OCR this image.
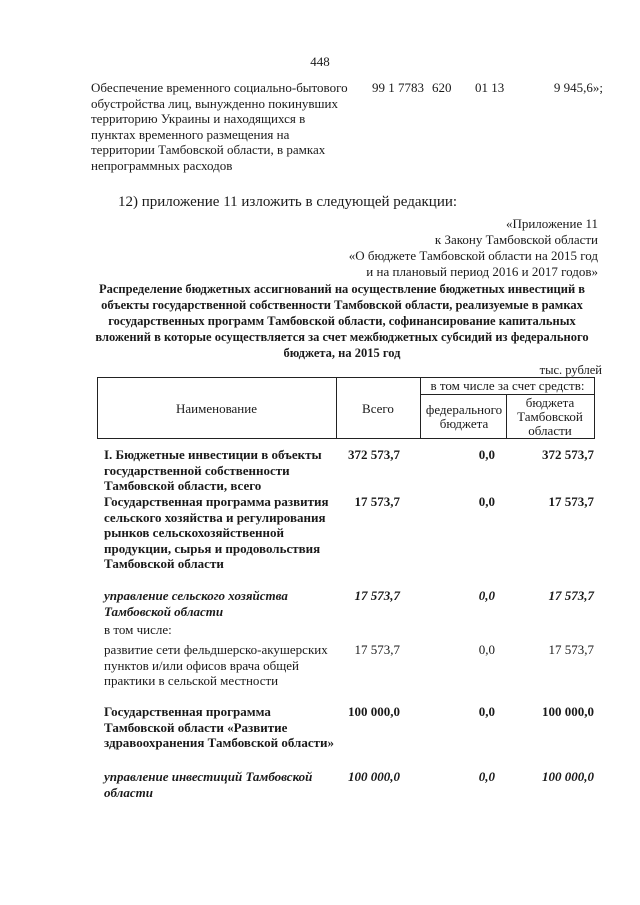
448
Обеспечение временного социально-бытового обустройства лиц, вынужденно покинувших территорию Украины и находящихся в пунктах временного размещения на территории Тамбовской области, в рамках непрограммных расходов
99 1 7783 620 01 13	9 945,6»;
12) приложение 11 изложить в следующей редакции:
«Приложение 11
к Закону Тамбовской области
«О бюджете Тамбовской области на 2015 год
и на плановый период 2016 и 2017 годов»
Распределение бюджетных ассигнований на осуществление бюджетных инвестиций в объекты государственной собственности Тамбовской области, реализуемые в рамках государственных программ Тамбовской области, софинансирование капитальных вложений в которые осуществляется за счет межбюджетных субсидий из федерального бюджета, на 2015 год
тыс. рублей
Наименование	Всего
в том числе за счет средств:
федерального бюджета
бюджета Тамбовской области
I. Бюджетные инвестиции в объекты государственной собственности Тамбовской области, всего
372 573,7	0,0	372 573,7
Государственная программа развития сельского хозяйства и регулирования рынков сельскохозяйственной продукции, сырья и продовольствия Тамбовской области
17 573,7	0,0	17 573,7
управление сельского хозяйства Тамбовской области
17 573,7	0,0	17 573,7
в том числе:
развитие сети фельдшерско-акушерских пунктов и/или офисов врача общей практики в сельской местности
17 573,7	0,0	17 573,7
Государственная программа Тамбовской области «Развитие здравоохранения Тамбовской области»
100 000,0	0,0	100 000,0
управление инвестиций Тамбовской области
100 000,0	0,0	100 000,0
